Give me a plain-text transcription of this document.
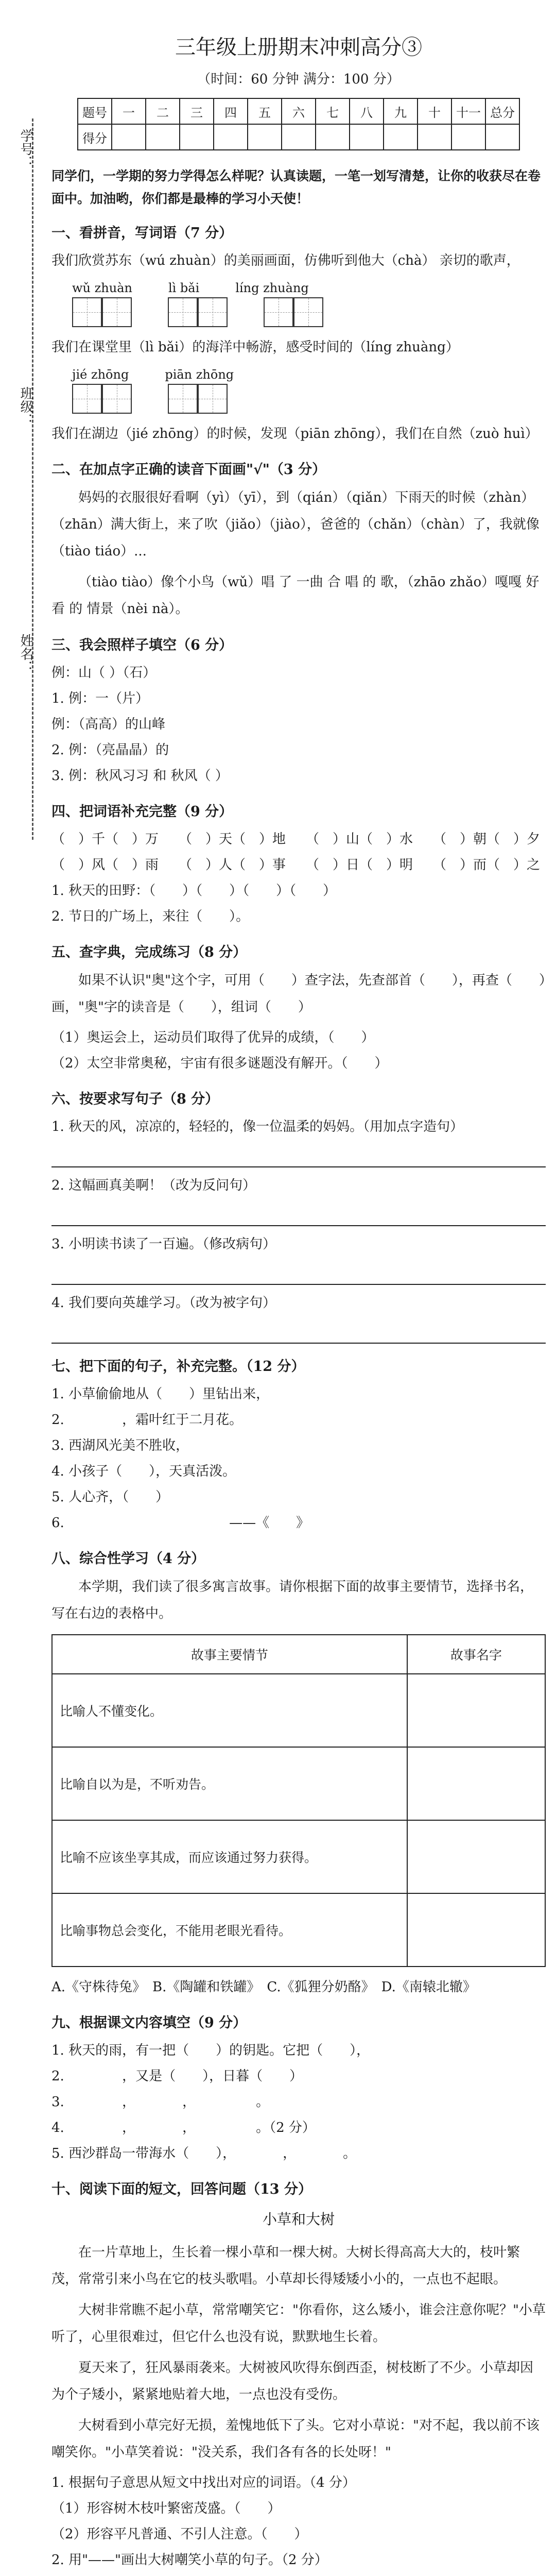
学号：
班级：
姓名：
三年级上册期末冲刺高分③
（时间：60 分钟 满分：100 分）
题号	一	二	三	四	五	六	七	八	九	十	十一	总分
得分												

同学们，一学期的努力学得怎么样呢？认真读题，一笔一划写清楚，让你的收获尽在卷面中。加油哟，你们都是最棒的学习小天使！

一、看拼音，写词语（7 分）

我们欣赏苏东（wú zhuàn）的美丽画面，仿佛听到他大（chà） 亲切的歌声，

wǔ zhuàn	lì bǎi	líng zhuàng

我们在课堂里（lì bǎi）的海洋中畅游，感受时间的（líng zhuàng）

jié zhōng	piān zhōng

我们在湖边（jié zhōng）的时候，发现（piān zhōng），我们在自然（zuò huì）

二、在加点字正确的读音下面画"√"（3 分）

妈妈的衣服很好看啊（yì）（yī），到（qián）（qiǎn）下雨天的时候（zhàn）（zhān）满大街上，来了吹（jiǎo）（jiào），爸爸的（chǎn）（chàn）了，我就像（tiào tiáo）...

（tiào tiào）像个小鸟（wǔ）唱 了 一曲 合 唱 的 歌，（zhāo zhǎo）嘎嘎 好 看 的 情景（nèi nà）。

三、我会照样子填空（6 分）

例：山（ ）（石）

1. 例：一（片）

例：（高高）的山峰

2. 例：（亮晶晶）的

3. 例：秋风习习 和 秋风（ ）

四、把词语补充完整（9 分）

（　）千（　）万　　（　）天（　）地　　（　）山（　）水　　（　）朝（　）夕

（　）风（　）雨　　（　）人（　）事　　（　）日（　）明　　（　）而（　）之

1. 秋天的田野：（　　）（　　）（　　）（　　）

2. 节日的广场上，来往（　　）。

五、查字典，完成练习（8 分）

如果不认识"奥"这个字，可用（　　）查字法，先查部首（　　），再查（　　）画，"奥"字的读音是（　　），组词（　　）

（1）奥运会上，运动员们取得了优异的成绩，（　　）

（2）太空非常奥秘，宇宙有很多谜题没有解开。（　　）

六、按要求写句子（8 分）

1. 秋天的风，凉凉的，轻轻的，像一位温柔的妈妈。（用加点字造句）

2. 这幅画真美啊！（改为反问句）

3. 小明读书读了一百遍。（修改病句）

4. 我们要向英雄学习。（改为被字句）

七、把下面的句子，补充完整。（12 分）

1. 小草偷偷地从（　　）里钻出来，

2. 　　　　，霜叶红于二月花。

3. 西湖风光美不胜收，

4. 小孩子（　　），天真活泼。

5. 人心齐，（　　）

6. 　　　　　　　　　　　　——《　　》

八、综合性学习（4 分）

本学期，我们读了很多寓言故事。请你根据下面的故事主要情节，选择书名，写在右边的表格中。

故事主要情节	故事名字
比喻人不懂变化。	
比喻自以为是，不听劝告。	
比喻不应该坐享其成，而应该通过努力获得。	
比喻事物总会变化，不能用老眼光看待。	

A.《守株待兔》　B.《陶罐和铁罐》　C.《狐狸分奶酪》　D.《南辕北辙》

九、根据课文内容填空（9 分）

1. 秋天的雨，有一把（　　）的钥匙。它把（　　），

2. 　　　　，又是（　　），日暮（　　）

3. 　　　　，　　　　，　　　　　。

4. 　　　　，　　　　，　　　　　。（2 分）

5. 西沙群岛一带海水（　　），　　　　，　　　　。

十、阅读下面的短文，回答问题（13 分）
小草和大树

在一片草地上，生长着一棵小草和一棵大树。大树长得高高大大的，枝叶繁茂，常常引来小鸟在它的枝头歌唱。小草却长得矮矮小小的，一点也不起眼。

大树非常瞧不起小草，常常嘲笑它："你看你，这么矮小，谁会注意你呢？"小草听了，心里很难过，但它什么也没有说，默默地生长着。

夏天来了，狂风暴雨袭来。大树被风吹得东倒西歪，树枝断了不少。小草却因为个子矮小，紧紧地贴着大地，一点也没有受伤。

大树看到小草完好无损，羞愧地低下了头。它对小草说："对不起，我以前不该嘲笑你。"小草笑着说："没关系，我们各有各的长处呀！"

1. 根据句子意思从短文中找出对应的词语。（4 分）

（1）形容树木枝叶繁密茂盛。（　　）

（2）形容平凡普通、不引人注意。（　　）

2. 用"——"画出大树嘲笑小草的句子。（2 分）
